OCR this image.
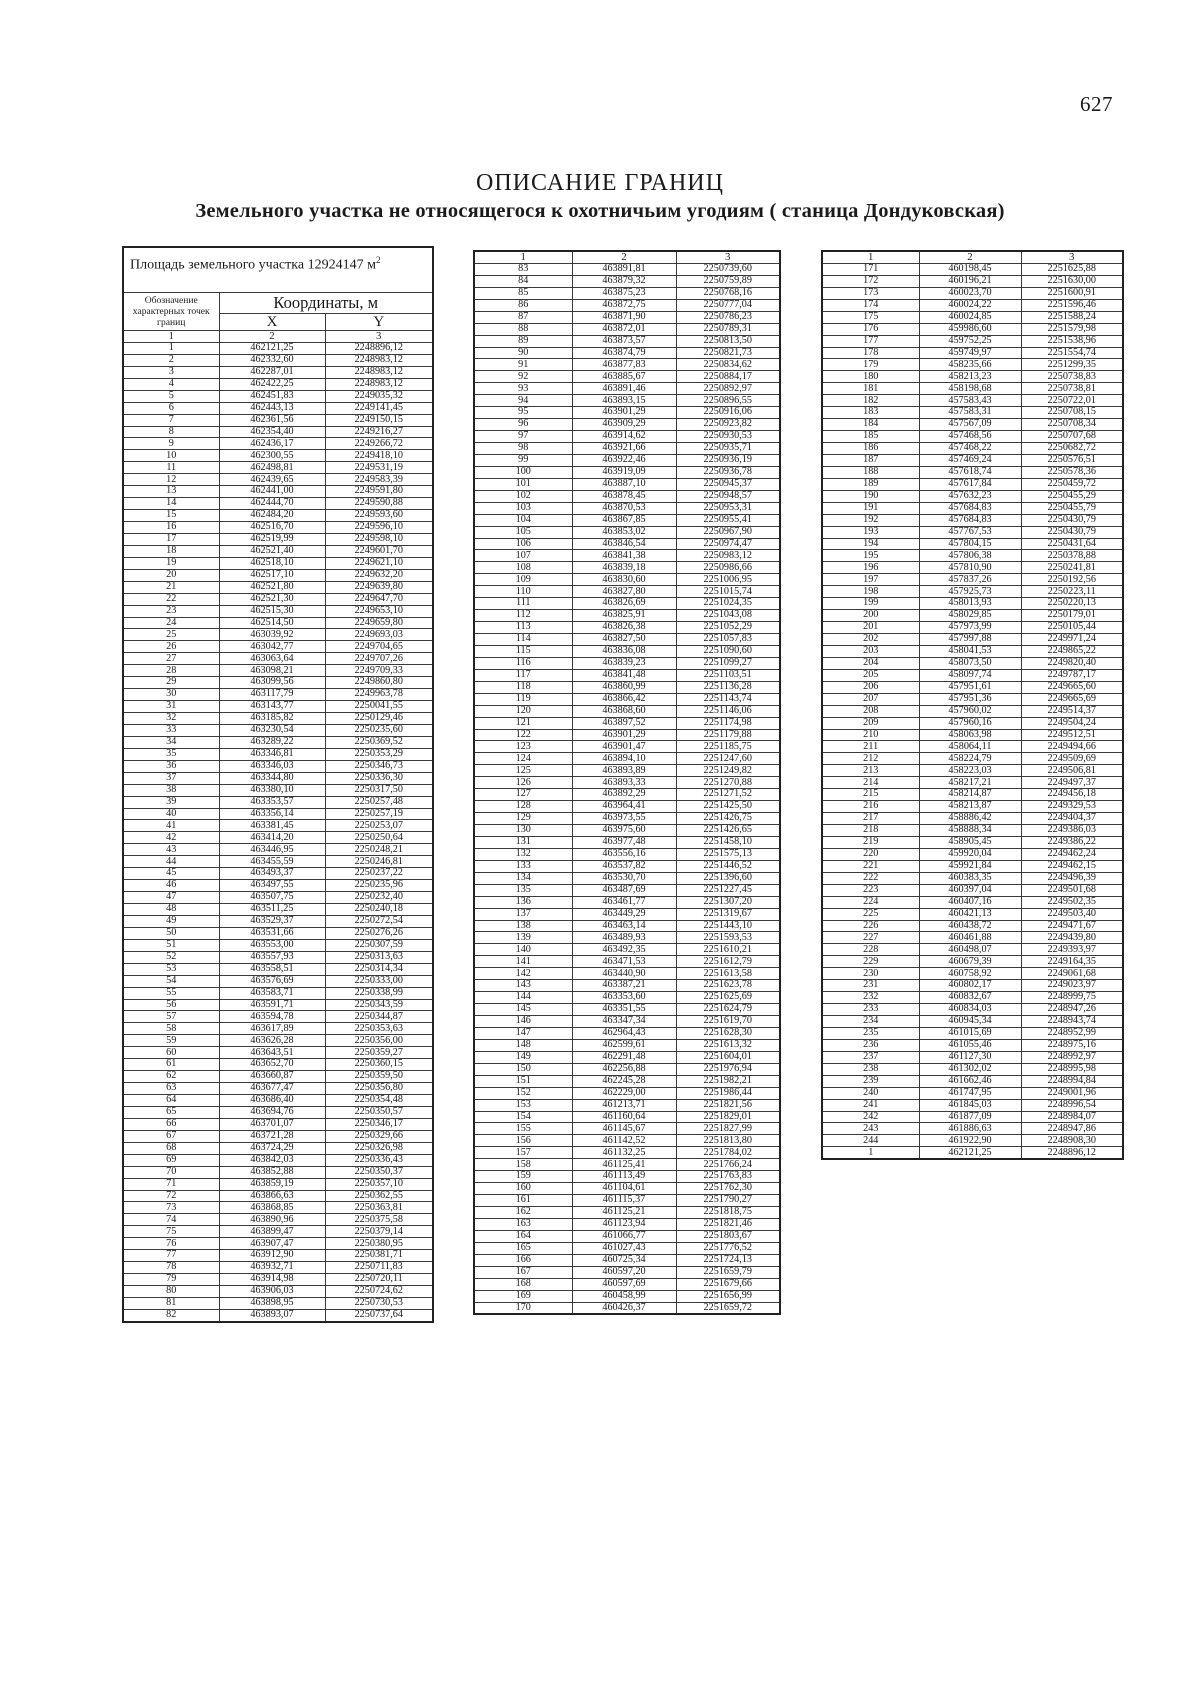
627
ОПИСАНИЕ ГРАНИЦ
Земельного участка не относящегося к охотничьим угодиям ( станица Дондуковская)
Площадь земельного участка 12924147 $м^2$
Обозначение характерных точек границ	Координаты, м	
	X	Y
1	2	3
1	462121,25	2248896,12
2	462332,60	2248983,12
3	462287,01	2248983,12
4	462422,25	2248983,12
5	462451,83	2249035,32
6	462443,13	2249141,45
7	462361,56	2249150,15
8	462354,40	2249216,27
9	462436,17	2249266,72
10	462300,55	2249418,10
11	462498,81	2249531,19
12	462439,65	2249583,39
13	462441,00	2249591,80
14	462444,70	2249590,88
15	462484,20	2249593,60
16	462516,70	2249596,10
17	462519,99	2249598,10
18	462521,40	2249601,70
19	462518,10	2249621,10
20	462517,10	2249632,20
21	462521,80	2249639,80
22	462521,30	2249647,70
23	462515,30	2249653,10
24	462514,50	2249659,80
25	463039,92	2249693,03
26	463042,77	2249704,65
27	463063,64	2249707,26
28	463098,21	2249709,33
29	463099,56	2249860,80
30	463117,79	2249963,78
31	463143,77	2250041,55
32	463185,82	2250129,46
33	463230,54	2250235,60
34	463289,22	2250369,52
35	463346,81	2250353,29
36	463346,03	2250346,73
37	463344,80	2250336,30
38	463380,10	2250317,50
39	463353,57	2250257,48
40	463356,14	2250257,19
41	463381,45	2250253,07
42	463414,20	2250250,64
43	463446,95	2250248,21
44	463455,59	2250246,81
45	463493,37	2250237,22
46	463497,55	2250235,96
47	463507,75	2250232,40
48	463511,25	2250240,18
49	463529,37	2250272,54
50	463531,66	2250276,26
51	463553,00	2250307,59
52	463557,93	2250313,63
53	463558,51	2250314,34
54	463576,69	2250333,00
55	463583,71	2250338,99
56	463591,71	2250343,59
57	463594,78	2250344,87
58	463617,89	2250353,63
59	463626,28	2250356,00
60	463643,51	2250359,27
61	463652,70	2250360,15
62	463660,87	2250359,50
63	463677,47	2250356,80
64	463686,40	2250354,48
65	463694,76	2250350,57
66	463701,07	2250346,17
67	463721,28	2250329,66
68	463724,29	2250326,98
69	463842,03	2250336,43
70	463852,88	2250350,37
71	463859,19	2250357,10
72	463866,63	2250362,55
73	463868,85	2250363,81
74	463890,96	2250375,58
75	463899,47	2250379,14
76	463907,47	2250380,95
77	463912,90	2250381,71
78	463932,71	2250711,83
79	463914,98	2250720,11
80	463906,03	2250724,62
81	463898,95	2250730,53
82	463893,07	2250737,64
1	2	3
83	463891,81	2250739,60
84	463879,32	2250759,89
85	463875,23	2250768,16
86	463872,75	2250777,04
87	463871,90	2250786,23
88	463872,01	2250789,31
89	463873,57	2250813,50
90	463874,79	2250821,73
91	463877,83	2250834,62
92	463885,67	2250884,17
93	463891,46	2250892,97
94	463893,15	2250896,55
95	463901,29	2250916,06
96	463909,29	2250923,82
97	463914,62	2250930,53
98	463921,66	2250935,71
99	463922,46	2250936,19
100	463919,09	2250936,78
101	463887,10	2250945,37
102	463878,45	2250948,57
103	463870,53	2250953,31
104	463867,85	2250955,41
105	463853,02	2250967,90
106	463846,54	2250974,47
107	463841,38	2250983,12
108	463839,18	2250986,66
109	463830,60	2251006,95
110	463827,80	2251015,74
111	463826,69	2251024,35
112	463825,91	2251043,08
113	463826,38	2251052,29
114	463827,50	2251057,83
115	463836,08	2251090,60
116	463839,23	2251099,27
117	463841,48	2251103,51
118	463860,99	2251136,28
119	463866,42	2251143,74
120	463868,60	2251146,06
121	463897,52	2251174,98
122	463901,29	2251179,88
123	463901,47	2251185,75
124	463894,10	2251247,60
125	463893,89	2251249,82
126	463893,33	2251270,88
127	463892,29	2251271,52
128	463964,41	2251425,50
129	463973,55	2251426,75
130	463975,60	2251426,65
131	463977,48	2251458,10
132	463556,16	2251575,13
133	463537,82	2251446,52
134	463530,70	2251396,60
135	463487,69	2251227,45
136	463461,77	2251307,20
137	463449,29	2251319,67
138	463463,14	2251443,10
139	463489,93	2251593,53
140	463492,35	2251610,21
141	463471,53	2251612,79
142	463440,90	2251613,58
143	463387,21	2251623,78
144	463353,60	2251625,69
145	463351,55	2251624,79
146	463347,34	2251619,70
147	462964,43	2251628,30
148	462599,61	2251613,32
149	462291,48	2251604,01
150	462256,88	2251976,94
151	462245,28	2251982,21
152	462229,00	2251986,44
153	461213,71	2251821,56
154	461160,64	2251829,01
155	461145,67	2251827,99
156	461142,52	2251813,80
157	461132,25	2251784,02
158	461125,41	2251766,24
159	461113,49	2251763,83
160	461104,61	2251762,30
161	461115,37	2251790,27
162	461125,21	2251818,75
163	461123,94	2251821,46
164	461066,77	2251803,67
165	461027,43	2251776,52
166	460725,34	2251724,13
167	460597,20	2251659,79
168	460597,69	2251679,66
169	460458,99	2251656,99
170	460426,37	2251659,72
1	2	3
171	460198,45	2251625,88
172	460196,21	2251630,00
173	460023,70	2251600,91
174	460024,22	2251596,46
175	460024,85	2251588,24
176	459986,60	2251579,98
177	459752,25	2251538,96
178	459749,97	2251554,74
179	458235,66	2251299,35
180	458213,23	2250738,83
181	458198,68	2250738,81
182	457583,43	2250722,01
183	457583,31	2250708,15
184	457567,09	2250708,34
185	457468,56	2250707,68
186	457468,22	2250682,72
187	457469,24	2250576,51
188	457618,74	2250578,36
189	457617,84	2250459,72
190	457632,23	2250455,29
191	457684,83	2250455,79
192	457684,83	2250430,79
193	457767,53	2250430,79
194	457804,15	2250431,64
195	457806,38	2250378,88
196	457810,90	2250241,81
197	457837,26	2250192,56
198	457925,73	2250223,11
199	458013,93	2250220,13
200	458029,85	2250179,01
201	457973,99	2250105,44
202	457997,88	2249971,24
203	458041,53	2249865,22
204	458073,50	2249820,40
205	458097,74	2249787,17
206	457951,61	2249665,60
207	457951,36	2249665,69
208	457960,02	2249514,37
209	457960,16	2249504,24
210	458063,98	2249512,51
211	458064,11	2249494,66
212	458224,79	2249509,69
213	458223,03	2249506,81
214	458217,21	2249497,37
215	458214,87	2249456,18
216	458213,87	2249329,53
217	458886,42	2249404,37
218	458888,34	2249386,03
219	458905,45	2249386,22
220	459920,04	2249462,24
221	459921,84	2249462,15
222	460383,35	2249496,39
223	460397,04	2249501,68
224	460407,16	2249502,35
225	460421,13	2249503,40
226	460438,72	2249471,67
227	460461,88	2249439,80
228	460498,07	2249393,97
229	460679,39	2249164,35
230	460758,92	2249061,68
231	460802,17	2249023,97
232	460832,67	2248999,75
233	460834,03	2248947,26
234	460945,34	2248943,74
235	461015,69	2248952,99
236	461055,46	2248975,16
237	461127,30	2248992,97
238	461302,02	2248995,98
239	461662,46	2248994,84
240	461747,95	2249001,96
241	461845,03	2248996,54
242	461877,09	2248984,07
243	461886,63	2248947,86
244	461922,90	2248908,30
1	462121,25	2248896,12
